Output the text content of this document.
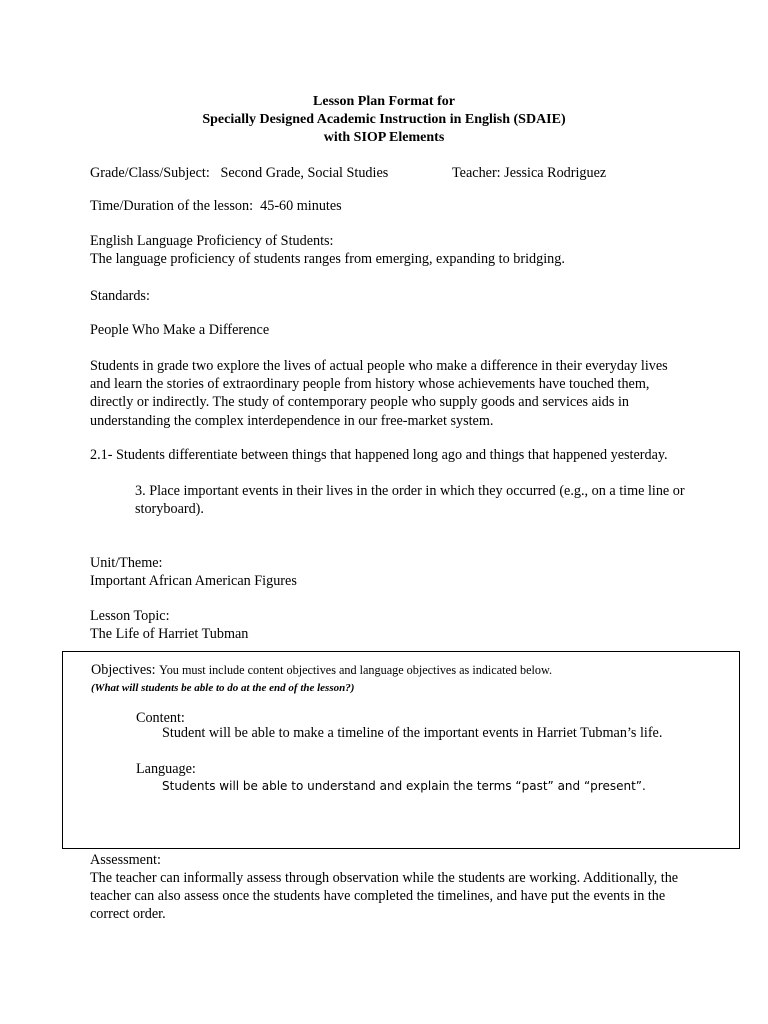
Lesson Plan Format for
Specially Designed Academic Instruction in English (SDAIE)
with SIOP Elements
Grade/Class/Subject: Second Grade, Social Studies	Teacher: Jessica Rodriguez
Time/Duration of the lesson: 45-60 minutes
English Language Proficiency of Students:
The language proficiency of students ranges from emerging, expanding to bridging.
Standards:
People Who Make a Difference
Students in grade two explore the lives of actual people who make a difference in their everyday lives and learn the stories of extraordinary people from history whose achievements have touched them, directly or indirectly. The study of contemporary people who supply goods and services aids in understanding the complex interdependence in our free-market system.
2.1- Students differentiate between things that happened long ago and things that happened yesterday.
3. Place important events in their lives in the order in which they occurred (e.g., on a time line or storyboard).
Unit/Theme:
Important African American Figures
Lesson Topic:
The Life of Harriet Tubman
Objectives: You must include content objectives and language objectives as indicated below.
(What will students be able to do at the end of the lesson?)
Content:
Student will be able to make a timeline of the important events in Harriet Tubman’s life.
Language:
Students will be able to understand and explain the terms “past” and “present”.
Assessment:
The teacher can informally assess through observation while the students are working. Additionally, the teacher can also assess once the students have completed the timelines, and have put the events in the correct order.
